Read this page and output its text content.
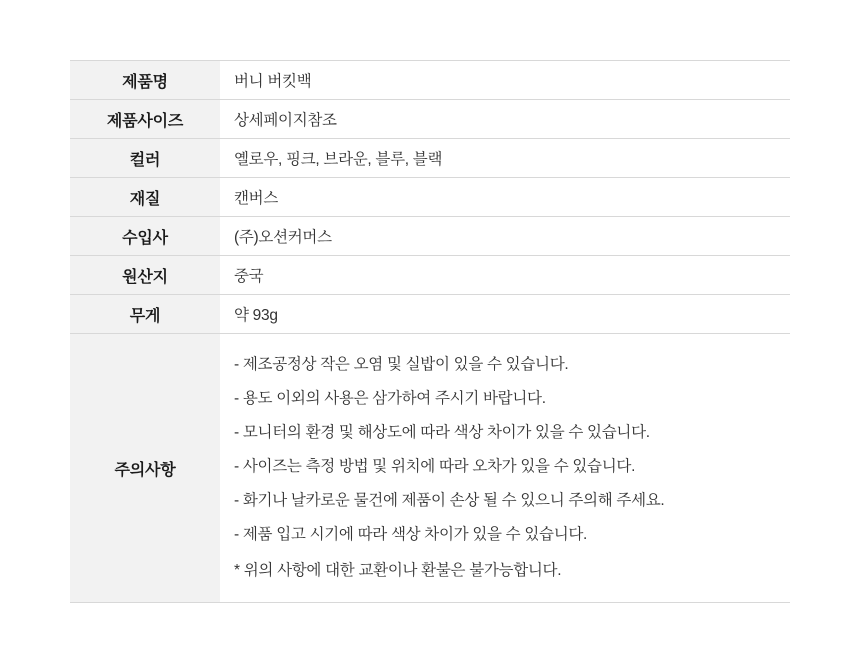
제품명	버니 버킷백
제품사이즈	상세페이지참조
컬러	옐로우, 핑크, 브라운, 블루, 블랙
재질	캔버스
수입사	(주)오션커머스
원산지	중국
무게	약 93g
주의사항	
- 제조공정상 작은 오염 및 실밥이 있을 수 있습니다.
- 용도 이외의 사용은 삼가하여 주시기 바랍니다.
- 모니터의 환경 및 해상도에 따라 색상 차이가 있을 수 있습니다.
- 사이즈는 측정 방법 및 위치에 따라 오차가 있을 수 있습니다.
- 화기나 날카로운 물건에 제품이 손상 될 수 있으니 주의해 주세요.
- 제품 입고 시기에 따라 색상 차이가 있을 수 있습니다.
* 위의 사항에 대한 교환이나 환불은 불가능합니다.
